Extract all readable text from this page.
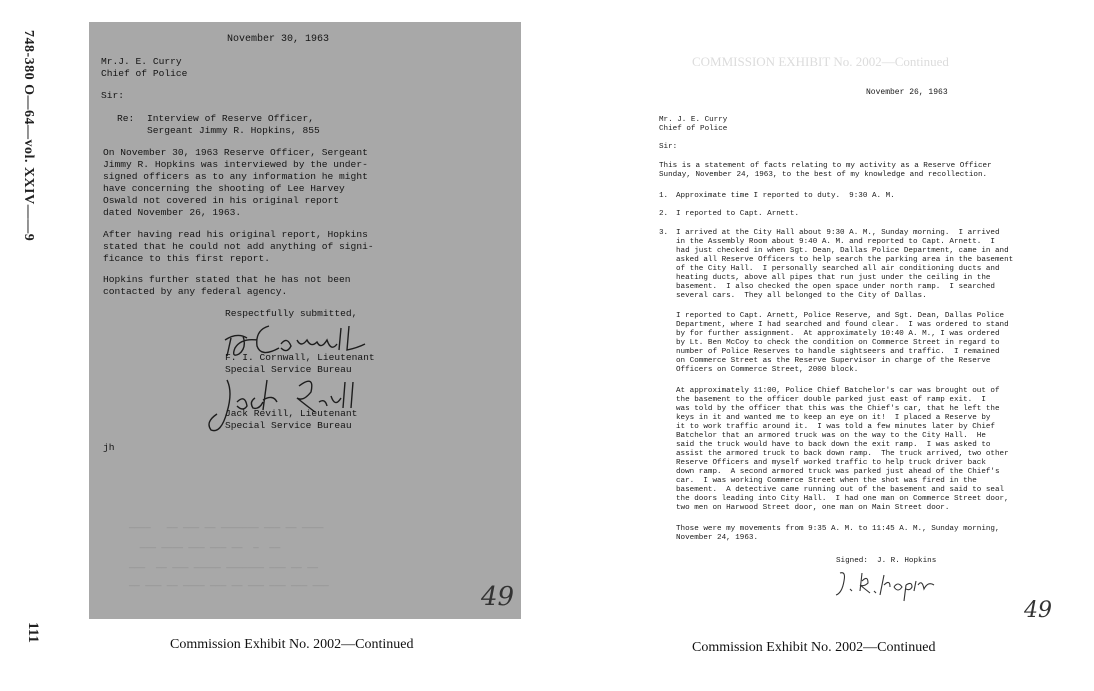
748-380 O—64—vol. XXIV——9
111
November 30, 1963
Mr.J. E. Curry
Chief of Police
Sir:
Re: Interview of Reserve Officer,
Sergeant Jimmy R. Hopkins, 855
On November 30, 1963 Reserve Officer, Sergeant
Jimmy R. Hopkins was interviewed by the under-
signed officers as to any information he might
have concerning the shooting of Lee Harvey
Oswald not covered in his original report
dated November 26, 1963.
After having read his original report, Hopkins
stated that he could not add anything of signi-
ficance to this first report.
Hopkins further stated that he has not been
contacted by any federal agency.
Respectfully submitted,
F. I. Cornwall, Lieutenant
Special Service Bureau
Jack Revill, Lieutenant
Special Service Bureau
jh
————   —— ——— —— ——————— ——— —— ————
——— ———— ——— ——— ——  —  ——
———  —— ——— ————— ——————— ——— —— ——
—— ——— —— ———— ——— —— ——— ——— ——— ———	49
Commission Exhibit No. 2002—Continued
COMMISSION EXHIBIT No. 2002—Continued
November 26, 1963
Mr. J. E. Curry
Chief of Police
Sir:
This is a statement of facts relating to my activity as a Reserve Officer
Sunday, November 24, 1963, to the best of my knowledge and recollection.
1. Approximate time I reported to duty.  9:30 A. M.
2. I reported to Capt. Arnett.
3. I arrived at the City Hall about 9:30 A. M., Sunday morning.  I arrived
in the Assembly Room about 9:40 A. M. and reported to Capt. Arnett.  I
had just checked in when Sgt. Dean, Dallas Police Department, came in and
asked all Reserve Officers to help search the parking area in the basement
of the City Hall.  I personally searched all air conditioning ducts and
heating ducts, above all pipes that run just under the ceiling in the
basement.  I also checked the open space under north ramp.  I searched
several cars.  They all belonged to the City of Dallas.
I reported to Capt. Arnett, Police Reserve, and Sgt. Dean, Dallas Police
Department, where I had searched and found clear.  I was ordered to stand
by for further assignment.  At approximately 10:40 A. M., I was ordered
by Lt. Ben McCoy to check the condition on Commerce Street in regard to
number of Police Reserves to handle sightseers and traffic.  I remained
on Commerce Street as the Reserve Supervisor in charge of the Reserve
Officers on Commerce Street, 2000 block.
At approximately 11:00, Police Chief Batchelor's car was brought out of
the basement to the officer double parked just east of ramp exit.  I
was told by the officer that this was the Chief's car, that he left the
keys in it and wanted me to keep an eye on it!  I placed a Reserve by
it to work traffic around it.  I was told a few minutes later by Chief
Batchelor that an armored truck was on the way to the City Hall.  He
said the truck would have to back down the exit ramp.  I was asked to
assist the armored truck to back down ramp.  The truck arrived, two other
Reserve Officers and myself worked traffic to help truck driver back
down ramp.  A second armored truck was parked just ahead of the Chief's
car.  I was working Commerce Street when the shot was fired in the
basement.  A detective came running out of the basement and said to seal
the doors leading into City Hall.  I had one man on Commerce Street door,
two men on Harwood Street door, one man on Main Street door.
Those were my movements from 9:35 A. M. to 11:45 A. M., Sunday morning,
November 24, 1963.
Signed:  J. R. Hopkins
49
Commission Exhibit No. 2002—Continued
